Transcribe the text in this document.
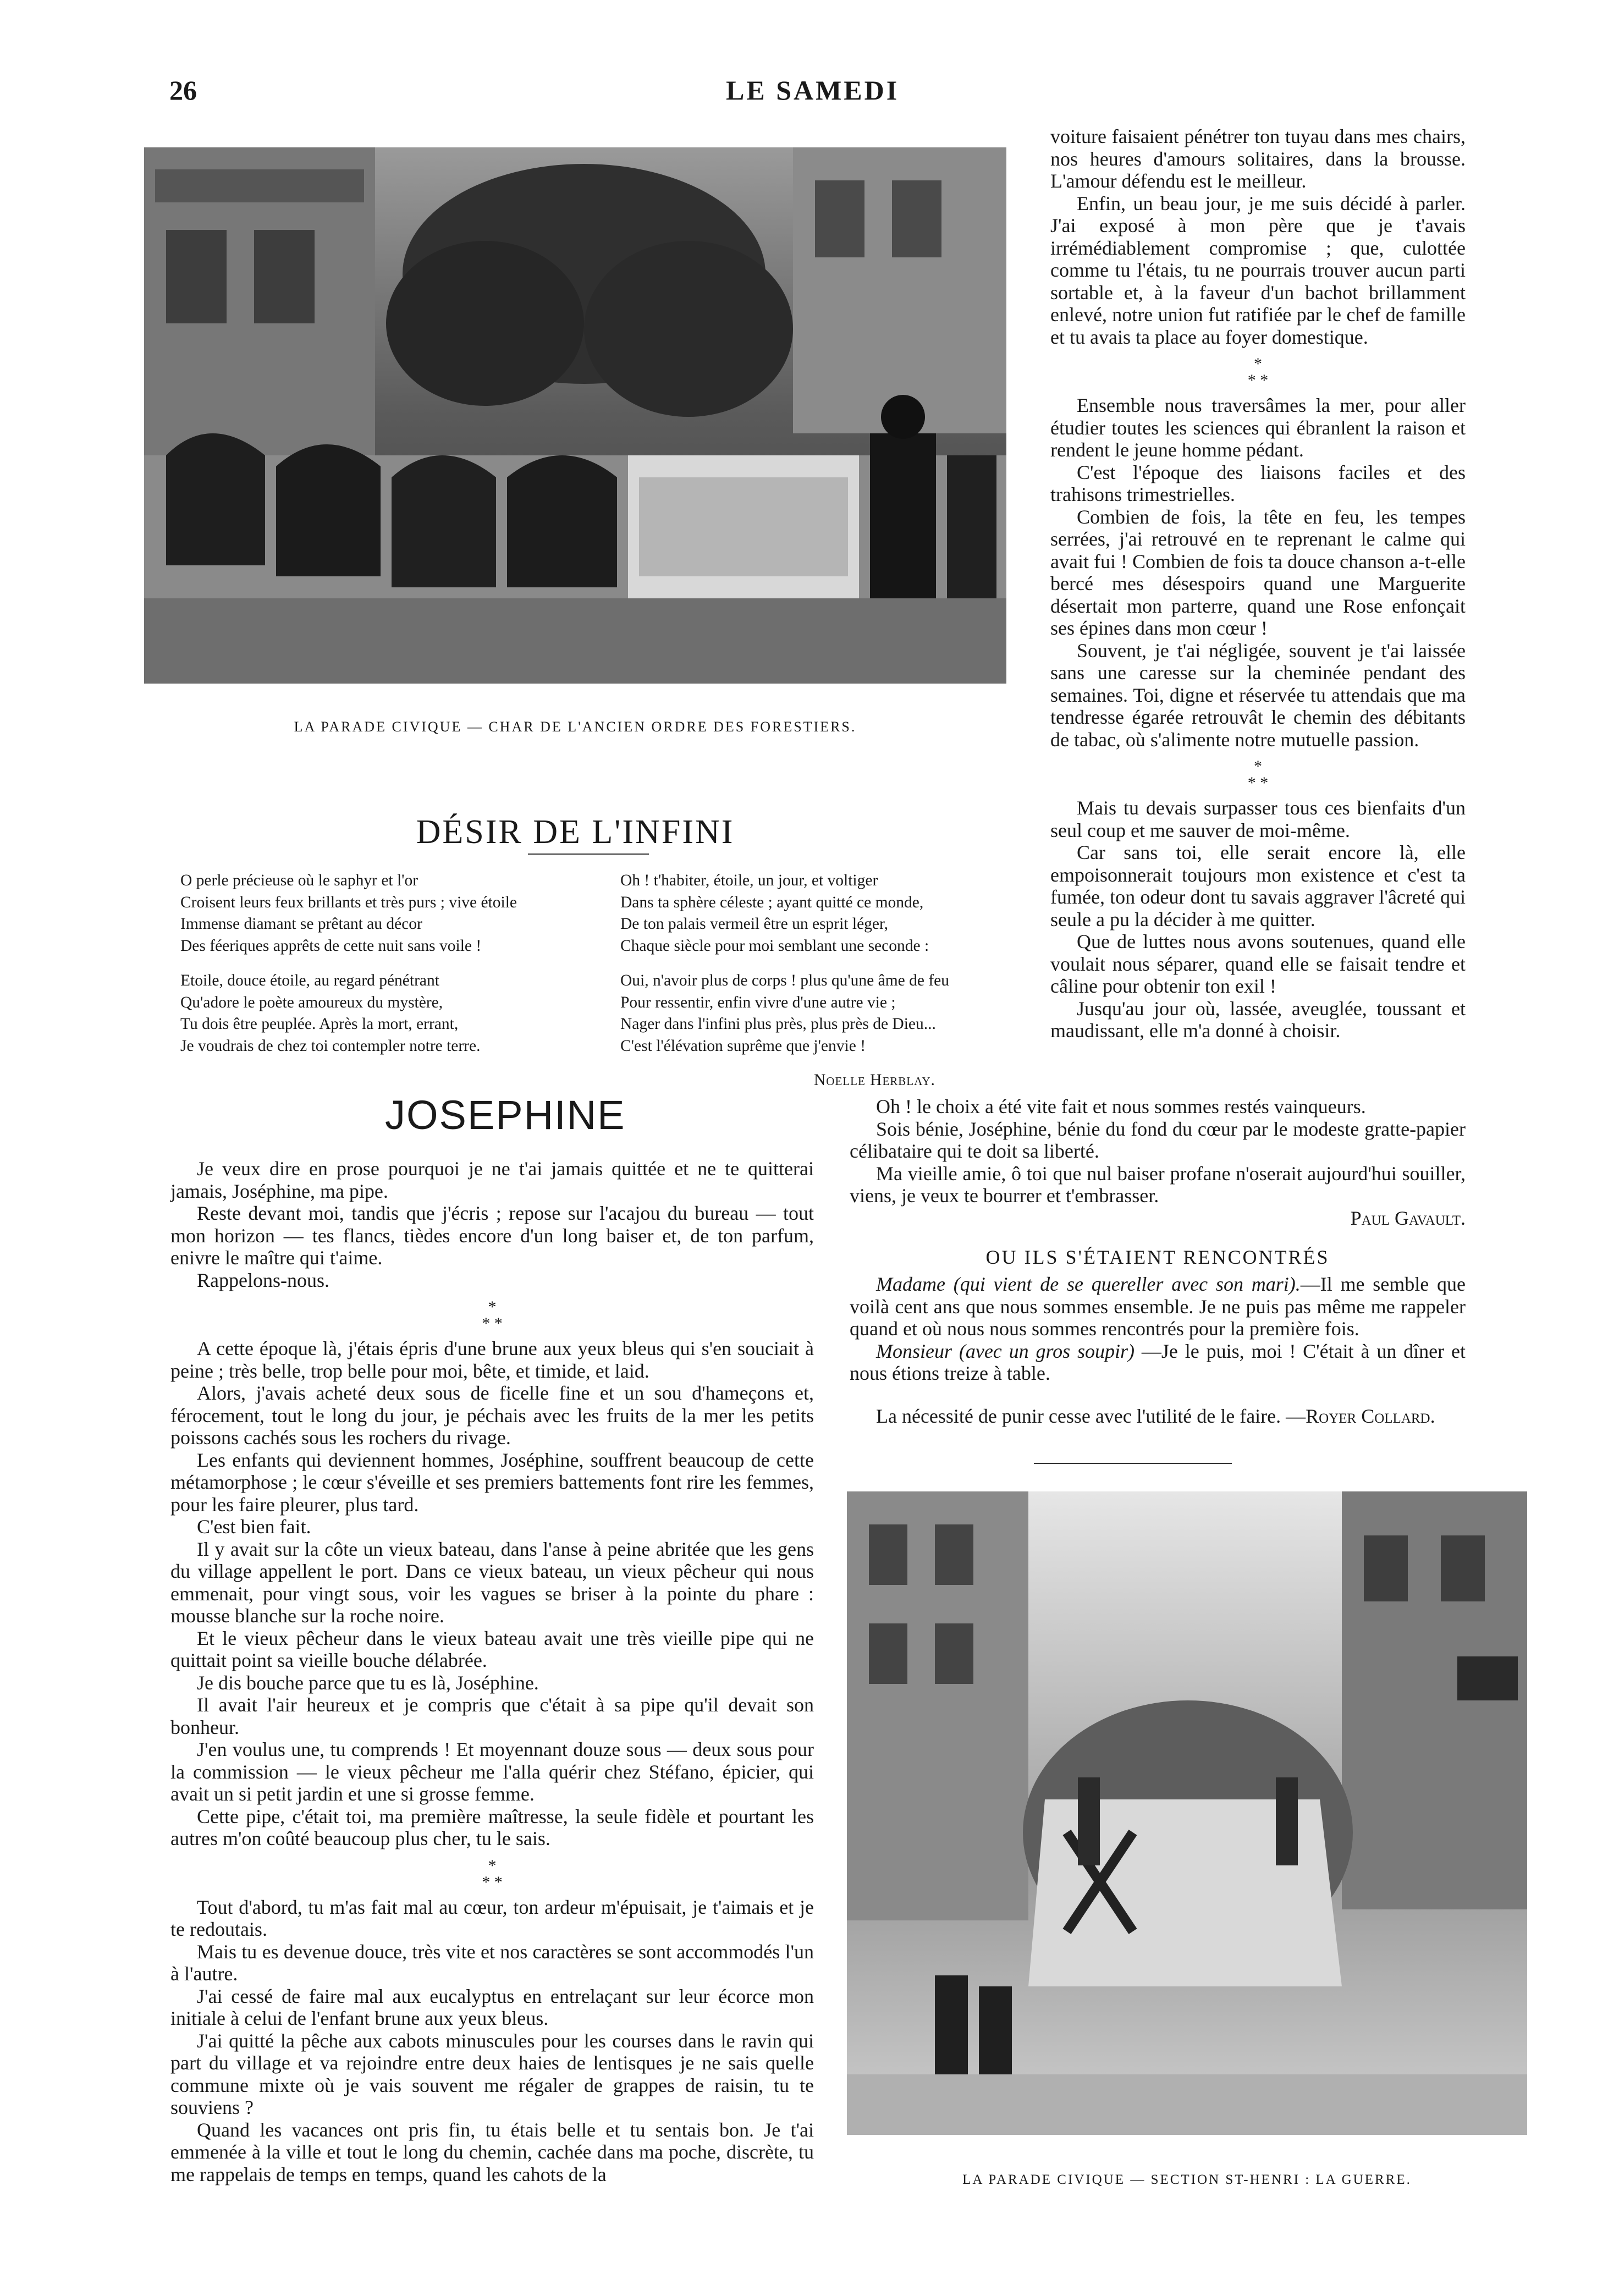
26	LE SAMEDI
LA PARADE CIVIQUE — CHAR DE L'ANCIEN ORDRE DES FORESTIERS.
DÉSIR DE L'INFINI
O perle précieuse où le saphyr et l'or
Croisent leurs feux brillants et très purs ; vive étoile
Immense diamant se prêtant au décor
Des féeriques apprêts de cette nuit sans voile !
Etoile, douce étoile, au regard pénétrant
Qu'adore le poète amoureux du mystère,
Tu dois être peuplée. Après la mort, errant,
Je voudrais de chez toi contempler notre terre.
Oh ! t'habiter, étoile, un jour, et voltiger
Dans ta sphère céleste ; ayant quitté ce monde,
De ton palais vermeil être un esprit léger,
Chaque siècle pour moi semblant une seconde :
Oui, n'avoir plus de corps ! plus qu'une âme de feu
Pour ressentir, enfin vivre d'une autre vie ;
Nager dans l'infini plus près, plus près de Dieu...
C'est l'élévation suprême que j'envie !
Noelle Herblay.
JOSEPHINE

Je veux dire en prose pourquoi je ne t'ai jamais quittée et ne te quitterai jamais, Joséphine, ma pipe.

Reste devant moi, tandis que j'écris ; repose sur l'acajou du bureau — tout mon horizon — tes flancs, tièdes encore d'un long baiser et, de ton parfum, enivre le maître qui t'aime.

Rappelons-nous.

*
* *

A cette époque là, j'étais épris d'une brune aux yeux bleus qui s'en souciait à peine ; très belle, trop belle pour moi, bête, et timide, et laid.

Alors, j'avais acheté deux sous de ficelle fine et un sou d'hameçons et, férocement, tout le long du jour, je péchais avec les fruits de la mer les petits poissons cachés sous les rochers du rivage.

Les enfants qui deviennent hommes, Joséphine, souffrent beaucoup de cette métamorphose ; le cœur s'éveille et ses premiers battements font rire les femmes, pour les faire pleurer, plus tard.

C'est bien fait.

Il y avait sur la côte un vieux bateau, dans l'anse à peine abritée que les gens du village appellent le port. Dans ce vieux bateau, un vieux pêcheur qui nous emmenait, pour vingt sous, voir les vagues se briser à la pointe du phare : mousse blanche sur la roche noire.

Et le vieux pêcheur dans le vieux bateau avait une très vieille pipe qui ne quittait point sa vieille bouche délabrée.

Je dis bouche parce que tu es là, Joséphine.

Il avait l'air heureux et je compris que c'était à sa pipe qu'il devait son bonheur.

J'en voulus une, tu comprends ! Et moyennant douze sous — deux sous pour la commission — le vieux pêcheur me l'alla quérir chez Stéfano, épicier, qui avait un si petit jardin et une si grosse femme.

Cette pipe, c'était toi, ma première maîtresse, la seule fidèle et pourtant les autres m'on coûté beaucoup plus cher, tu le sais.

*
* *

Tout d'abord, tu m'as fait mal au cœur, ton ardeur m'épuisait, je t'aimais et je te redoutais.

Mais tu es devenue douce, très vite et nos caractères se sont accommodés l'un à l'autre.

J'ai cessé de faire mal aux eucalyptus en entrelaçant sur leur écorce mon initiale à celui de l'enfant brune aux yeux bleus.

J'ai quitté la pêche aux cabots minuscules pour les courses dans le ravin qui part du village et va rejoindre entre deux haies de lentisques je ne sais quelle commune mixte où je vais souvent me régaler de grappes de raisin, tu te souviens ?

Quand les vacances ont pris fin, tu étais belle et tu sentais bon. Je t'ai emmenée à la ville et tout le long du chemin, cachée dans ma poche, discrète, tu me rappelais de temps en temps, quand les cahots de la

voiture faisaient pénétrer ton tuyau dans mes chairs, nos heures d'amours solitaires, dans la brousse. L'amour défendu est le meilleur.

Enfin, un beau jour, je me suis décidé à parler. J'ai exposé à mon père que je t'avais irrémédiablement compromise ; que, culottée comme tu l'étais, tu ne pourrais trouver aucun parti sortable et, à la faveur d'un bachot brillamment enlevé, notre union fut ratifiée par le chef de famille et tu avais ta place au foyer domestique.

*
* *

Ensemble nous traversâmes la mer, pour aller étudier toutes les sciences qui ébranlent la raison et rendent le jeune homme pédant.

C'est l'époque des liaisons faciles et des trahisons trimestrielles.

Combien de fois, la tête en feu, les tempes serrées, j'ai retrouvé en te reprenant le calme qui avait fui ! Combien de fois ta douce chanson a-t-elle bercé mes désespoirs quand une Marguerite désertait mon parterre, quand une Rose enfonçait ses épines dans mon cœur !

Souvent, je t'ai négligée, souvent je t'ai laissée sans une caresse sur la cheminée pendant des semaines. Toi, digne et réservée tu attendais que ma tendresse égarée retrouvât le chemin des débitants de tabac, où s'alimente notre mutuelle passion.

*
* *

Mais tu devais surpasser tous ces bienfaits d'un seul coup et me sauver de moi-même.

Car sans toi, elle serait encore là, elle empoisonnerait toujours mon existence et c'est ta fumée, ton odeur dont tu savais aggraver l'âcreté qui seule a pu la décider à me quitter.

Que de luttes nous avons soutenues, quand elle voulait nous séparer, quand elle se faisait tendre et câline pour obtenir ton exil !

Jusqu'au jour où, lassée, aveuglée, toussant et maudissant, elle m'a donné à choisir.

Oh ! le choix a été vite fait et nous sommes restés vainqueurs.

Sois bénie, Joséphine, bénie du fond du cœur par le modeste gratte-papier célibataire qui te doit sa liberté.

Ma vieille amie, ô toi que nul baiser profane n'oserait aujourd'hui souiller, viens, je veux te bourrer et t'embrasser.

Paul Gavault.

OU ILS S'ÉTAIENT RENCONTRÉS

Madame (qui vient de se quereller avec son mari).—Il me semble que voilà cent ans que nous sommes ensemble. Je ne puis pas même me rappeler quand et où nous nous sommes rencontrés pour la première fois.

Monsieur (avec un gros soupir) —Je le puis, moi ! C'était à un dîner et nous étions treize à table.

La nécessité de punir cesse avec l'utilité de le faire. —Royer Collard.

LA PARADE CIVIQUE — SECTION ST-HENRI : LA GUERRE.
